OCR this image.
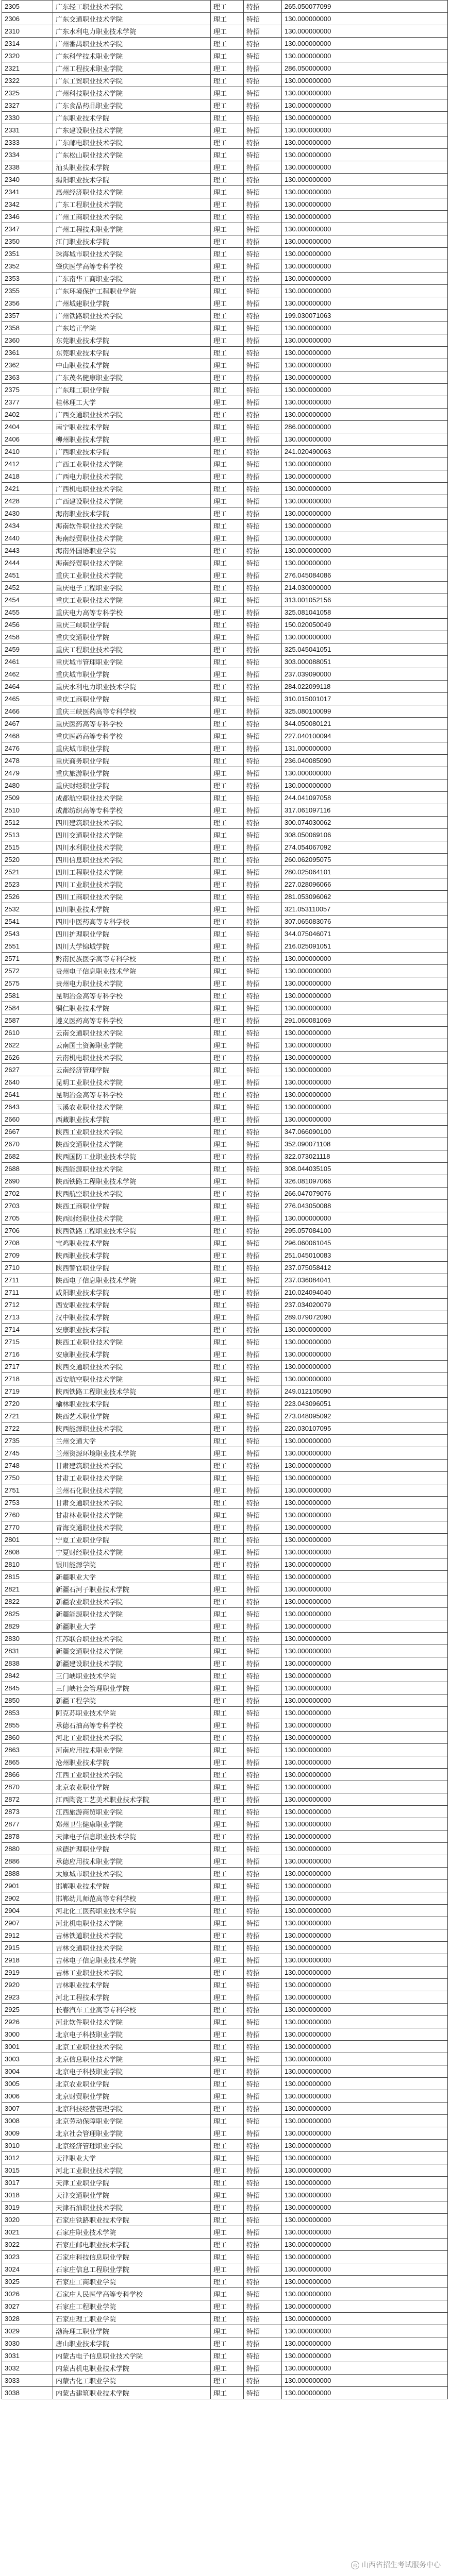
2305	广东轻工职业技术学院	理工	特招	265.050077099
2306	广东交通职业技术学院	理工	特招	130.000000000
2310	广东水利电力职业技术学院	理工	特招	130.000000000
2314	广州番禺职业技术学院	理工	特招	130.000000000
2320	广东科学技术职业学院	理工	特招	130.000000000
2321	广州工程技术职业学院	理工	特招	286.050000000
2322	广东工贸职业技术学院	理工	特招	130.000000000
2325	广州科技职业技术学院	理工	特招	130.000000000
2327	广东食品药品职业学院	理工	特招	130.000000000
2330	广东职业技术学院	理工	特招	130.000000000
2331	广东建设职业技术学院	理工	特招	130.000000000
2333	广东邮电职业技术学院	理工	特招	130.000000000
2334	广东松山职业技术学院	理工	特招	130.000000000
2338	汕头职业技术学院	理工	特招	130.000000000
2340	揭阳职业技术学院	理工	特招	130.000000000
2341	惠州经济职业技术学院	理工	特招	130.000000000
2342	广东工程职业技术学院	理工	特招	130.000000000
2346	广州工商职业技术学院	理工	特招	130.000000000
2347	广州工程技术职业学院	理工	特招	130.000000000
2350	江门职业技术学院	理工	特招	130.000000000
2351	珠海城市职业技术学院	理工	特招	130.000000000
2352	肇庆医学高等专科学校	理工	特招	130.000000000
2353	广东南华工商职业学院	理工	特招	130.000000000
2355	广东环境保护工程职业学院	理工	特招	130.000000000
2356	广州城建职业学院	理工	特招	130.000000000
2357	广州铁路职业技术学院	理工	特招	199.030071063
2358	广东培正学院	理工	特招	130.000000000
2360	东莞职业技术学院	理工	特招	130.000000000
2361	东莞职业技术学院	理工	特招	130.000000000
2362	中山职业技术学院	理工	特招	130.000000000
2363	广东茂名健康职业学院	理工	特招	130.000000000
2375	广东理工职业学院	理工	特招	130.000000000
2377	桂林理工大学	理工	特招	130.000000000
2402	广西交通职业技术学院	理工	特招	130.000000000
2404	南宁职业技术学院	理工	特招	286.000000000
2406	柳州职业技术学院	理工	特招	130.000000000
2410	广西职业技术学院	理工	特招	241.020490063
2412	广西工业职业技术学院	理工	特招	130.000000000
2418	广西电力职业技术学院	理工	特招	130.000000000
2421	广西机电职业技术学院	理工	特招	130.000000000
2428	广西建设职业技术学院	理工	特招	130.000000000
2430	海南职业技术学院	理工	特招	130.000000000
2434	海南软件职业技术学院	理工	特招	130.000000000
2440	海南经贸职业技术学院	理工	特招	130.000000000
2443	海南外国语职业学院	理工	特招	130.000000000
2444	海南经贸职业技术学院	理工	特招	130.000000000
2451	重庆工业职业技术学院	理工	特招	276.045084086
2452	重庆电子工程职业学院	理工	特招	214.030000000
2454	重庆工业职业技术学院	理工	特招	313.001052156
2455	重庆电力高等专科学校	理工	特招	325.081041058
2456	重庆三峡职业学院	理工	特招	150.020050049
2458	重庆交通职业学院	理工	特招	130.000000000
2459	重庆工程职业技术学院	理工	特招	325.045041051
2461	重庆城市管理职业学院	理工	特招	303.000088051
2462	重庆城市职业学院	理工	特招	237.039090000
2464	重庆水利电力职业技术学院	理工	特招	284.022099118
2465	重庆工商职业学院	理工	特招	310.015001017
2466	重庆三峡医药高等专科学校	理工	特招	325.080100099
2467	重庆医药高等专科学校	理工	特招	344.050080121
2468	重庆医药高等专科学校	理工	特招	227.040100094
2476	重庆城市职业学院	理工	特招	131.000000000
2478	重庆商务职业学院	理工	特招	236.040085090
2479	重庆旅游职业学院	理工	特招	130.000000000
2480	重庆财经职业学院	理工	特招	130.000000000
2509	成都航空职业技术学院	理工	特招	244.041097058
2510	成都纺织高等专科学校	理工	特招	317.061097116
2512	四川建筑职业技术学院	理工	特招	300.074030062
2513	四川交通职业技术学院	理工	特招	308.050069106
2515	四川水利职业技术学院	理工	特招	274.054067092
2520	四川信息职业技术学院	理工	特招	260.062095075
2521	四川工程职业技术学院	理工	特招	280.025064101
2523	四川工业职业技术学院	理工	特招	227.028096066
2526	四川工商职业技术学院	理工	特招	281.053096062
2532	四川职业技术学院	理工	特招	321.053110057
2541	四川中医药高等专科学校	理工	特招	307.065083076
2543	四川护理职业学院	理工	特招	344.075046071
2551	四川大学锦城学院	理工	特招	216.025091051
2571	黔南民族医学高等专科学校	理工	特招	130.000000000
2572	贵州电子信息职业技术学院	理工	特招	130.000000000
2575	贵州电力职业技术学院	理工	特招	130.000000000
2581	昆明冶金高等专科学校	理工	特招	130.000000000
2584	铜仁职业技术学院	理工	特招	130.000000000
2587	遵义医药高等专科学校	理工	特招	291.060081069
2610	云南交通职业技术学院	理工	特招	130.000000000
2622	云南国土资源职业学院	理工	特招	130.000000000
2626	云南机电职业技术学院	理工	特招	130.000000000
2627	云南经济管理学院	理工	特招	130.000000000
2640	昆明工业职业技术学院	理工	特招	130.000000000
2641	昆明冶金高等专科学校	理工	特招	130.000000000
2643	玉溪农业职业技术学院	理工	特招	130.000000000
2660	西藏职业技术学院	理工	特招	130.000000000
2667	陕西工业职业技术学院	理工	特招	347.066090100
2670	陕西交通职业技术学院	理工	特招	352.090071108
2682	陕西国防工业职业技术学院	理工	特招	322.073021118
2688	陕西能源职业技术学院	理工	特招	308.044035105
2690	陕西铁路工程职业技术学院	理工	特招	326.081097066
2702	陕西航空职业技术学院	理工	特招	266.047079076
2703	陕西工商职业学院	理工	特招	276.043050088
2705	陕西财经职业技术学院	理工	特招	130.000000000
2706	陕西铁路工程职业技术学院	理工	特招	295.057084100
2708	宝鸡职业技术学院	理工	特招	296.060061045
2709	陕西职业技术学院	理工	特招	251.045010083
2710	陕西警官职业学院	理工	特招	237.075058412
2711	陕西电子信息职业技术学院	理工	特招	237.036084041
2711	咸阳职业技术学院	理工	特招	210.024094040
2712	西安职业技术学院	理工	特招	237.034020079
2713	汉中职业技术学院	理工	特招	289.079072090
2714	安康职业技术学院	理工	特招	130.000000000
2715	陕西工业职业技术学院	理工	特招	130.000000000
2716	安康职业技术学院	理工	特招	130.000000000
2717	陕西交通职业技术学院	理工	特招	130.000000000
2718	西安航空职业技术学院	理工	特招	130.000000000
2719	陕西铁路工程职业技术学院	理工	特招	249.012105090
2720	榆林职业技术学院	理工	特招	223.043096051
2721	陕西艺术职业学院	理工	特招	273.048095092
2722	陕西能源职业技术学院	理工	特招	220.030107095
2735	兰州交通大学	理工	特招	130.000000000
2745	兰州资源环境职业技术学院	理工	特招	130.000000000
2748	甘肃建筑职业技术学院	理工	特招	130.000000000
2750	甘肃工业职业技术学院	理工	特招	130.000000000
2751	兰州石化职业技术学院	理工	特招	130.000000000
2753	甘肃交通职业技术学院	理工	特招	130.000000000
2760	甘肃林业职业技术学院	理工	特招	130.000000000
2770	青海交通职业技术学院	理工	特招	130.000000000
2801	宁夏工业职业学院	理工	特招	130.000000000
2808	宁夏财经职业技术学院	理工	特招	130.000000000
2810	银川能源学院	理工	特招	130.000000000
2815	新疆职业大学	理工	特招	130.000000000
2821	新疆石河子职业技术学院	理工	特招	130.000000000
2822	新疆农业职业技术学院	理工	特招	130.000000000
2825	新疆能源职业技术学院	理工	特招	130.000000000
2829	新疆职业大学	理工	特招	130.000000000
2830	江苏联合职业技术学院	理工	特招	130.000000000
2831	新疆交通职业技术学院	理工	特招	130.000000000
2838	新疆建设职业技术学院	理工	特招	130.000000000
2842	三门峡职业技术学院	理工	特招	130.000000000
2845	三门峡社会管理职业学院	理工	特招	130.000000000
2850	新疆工程学院	理工	特招	130.000000000
2853	阿克苏职业技术学院	理工	特招	130.000000000
2855	承德石油高等专科学校	理工	特招	130.000000000
2860	河北工业职业技术学院	理工	特招	130.000000000
2863	河南应用技术职业学院	理工	特招	130.000000000
2865	沧州职业技术学院	理工	特招	130.000000000
2866	江西工业职业技术学院	理工	特招	130.000000000
2870	北京农业职业学院	理工	特招	130.000000000
2872	江西陶瓷工艺美术职业技术学院	理工	特招	130.000000000
2873	江西旅游商贸职业学院	理工	特招	130.000000000
2877	郑州卫生健康职业学院	理工	特招	130.000000000
2878	天津电子信息职业技术学院	理工	特招	130.000000000
2880	承德护理职业学院	理工	特招	130.000000000
2886	承德应用技术职业学院	理工	特招	130.000000000
2888	太原城市职业技术学院	理工	特招	130.000000000
2901	邯郸职业技术学院	理工	特招	130.000000000
2902	邯郸幼儿师范高等专科学校	理工	特招	130.000000000
2904	河北化工医药职业技术学院	理工	特招	130.000000000
2907	河北机电职业技术学院	理工	特招	130.000000000
2912	吉林铁道职业技术学院	理工	特招	130.000000000
2915	吉林交通职业技术学院	理工	特招	130.000000000
2918	吉林电子信息职业技术学院	理工	特招	130.000000000
2919	吉林工业职业技术学院	理工	特招	130.000000000
2920	吉林职业技术学院	理工	特招	130.000000000
2923	河北工程技术学院	理工	特招	130.000000000
2925	长春汽车工业高等专科学校	理工	特招	130.000000000
2926	河北软件职业技术学院	理工	特招	130.000000000
3000	北京电子科技职业学院	理工	特招	130.000000000
3001	北京工业职业技术学院	理工	特招	130.000000000
3003	北京信息职业技术学院	理工	特招	130.000000000
3004	北京电子科技职业学院	理工	特招	130.000000000
3005	北京农业职业学院	理工	特招	130.000000000
3006	北京财贸职业学院	理工	特招	130.000000000
3007	北京科技经营管理学院	理工	特招	130.000000000
3008	北京劳动保障职业学院	理工	特招	130.000000000
3009	北京社会管理职业学院	理工	特招	130.000000000
3010	北京经济管理职业学院	理工	特招	130.000000000
3012	天津职业大学	理工	特招	130.000000000
3015	河北工业职业技术学院	理工	特招	130.000000000
3017	天津工业职业学院	理工	特招	130.000000000
3018	天津交通职业学院	理工	特招	130.000000000
3019	天津石油职业技术学院	理工	特招	130.000000000
3020	石家庄铁路职业技术学院	理工	特招	130.000000000
3021	石家庄职业技术学院	理工	特招	130.000000000
3022	石家庄邮电职业技术学院	理工	特招	130.000000000
3023	石家庄科技信息职业学院	理工	特招	130.000000000
3024	石家庄信息工程职业学院	理工	特招	130.000000000
3025	石家庄工商职业学院	理工	特招	130.000000000
3026	石家庄人民医学高等专科学校	理工	特招	130.000000000
3027	石家庄工程职业学院	理工	特招	130.000000000
3028	石家庄理工职业学院	理工	特招	130.000000000
3029	渤海理工职业学院	理工	特招	130.000000000
3030	唐山职业技术学院	理工	特招	130.000000000
3031	内蒙古电子信息职业技术学院	理工	特招	130.000000000
3032	内蒙古机电职业技术学院	理工	特招	130.000000000
3033	内蒙古化工职业学院	理工	特招	130.000000000
3038	内蒙古建筑职业技术学院	理工	特招	130.000000000
◎ 山西省招生考试服务中心
